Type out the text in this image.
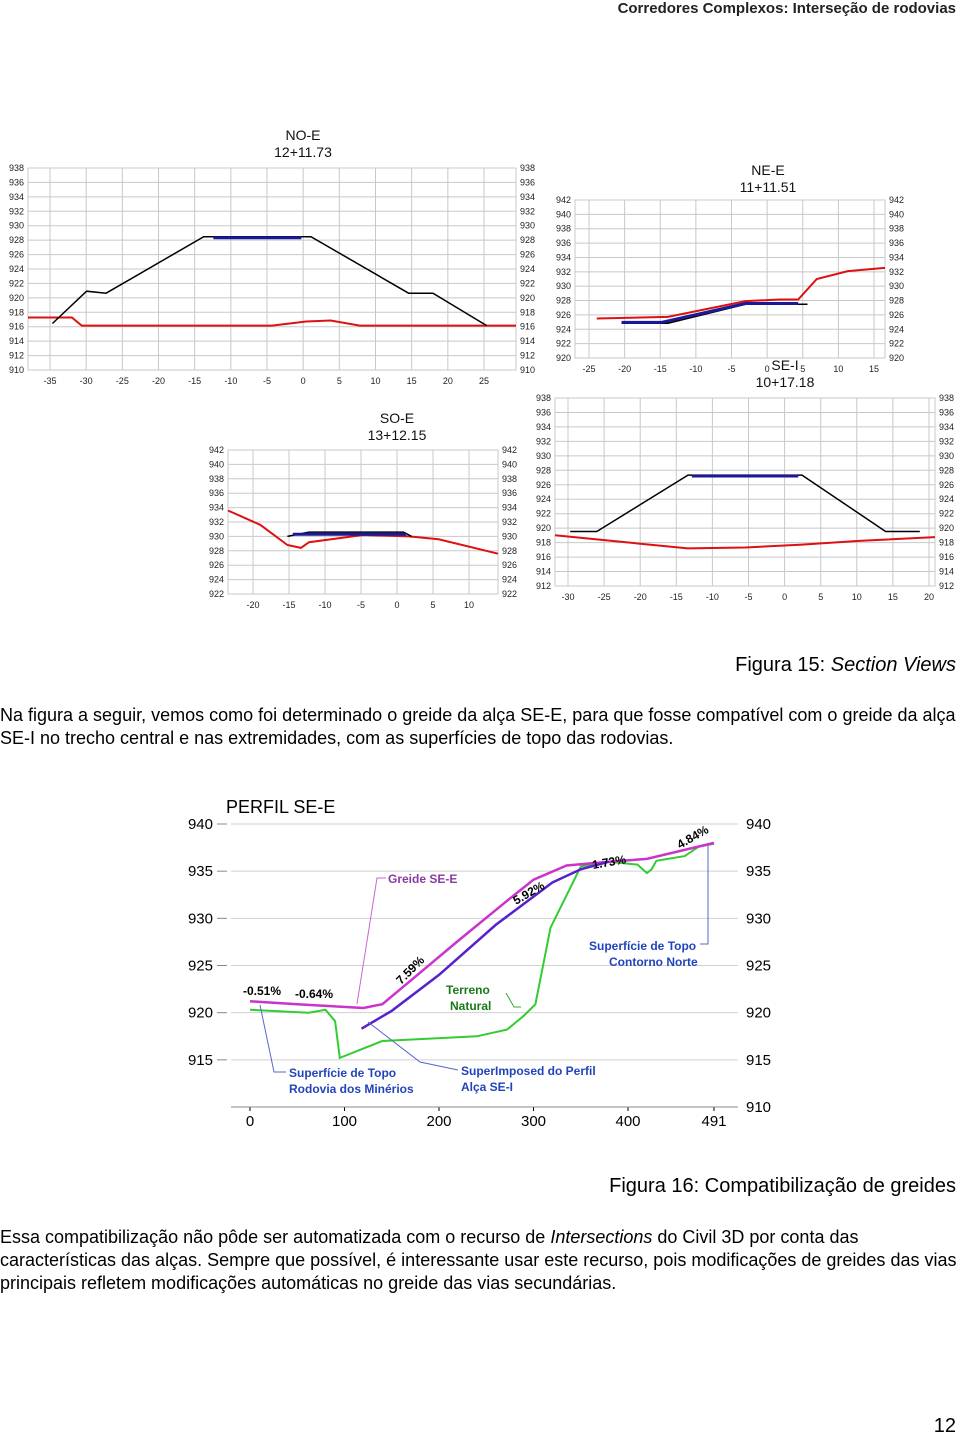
Corredores Complexos: Interseção de rodovias
938
936
934
932
930
928
926
924
922
920
918
916
914
912
910
938
936
934
932
930
928
926
924
922
920
918
916
914
912
910
-35	-30	-25	-20	-15	-10	-5	0	5	10	15	20	25
NO-E
12+11.73
942
940
938
936
934
932
930
928
926
924
922
920
942
940
938
936
934
932
930
928
926
924
922
920
-25	-20	-15	-10	-5	0	5	10	15
NE-E
11+11.51
942
940
938
936
934
932
930
928
926
924
922
942
940
938
936
934
932
930
928
926
924
922
-20	-15	-10	-5	0	5	10
SO-E
13+12.15
938
936
934
932
930
928
926
924
922
920
918
916
914
912
938
936
934
932
930
928
926
924
922
920
918
916
914
912
-30	-25	-20	-15	-10	-5	0	5	10	15	20
SE-I
10+17.18
Figura 15: Section Views

Na figura a seguir, vemos como foi determinado o greide da alça SE-E, para que fosse compatível com o greide da alça SE-I no trecho central e nas extremidades, com as superfícies de topo das rodovias.

PERFIL SE-E
940
935
930
925
920
915
940
935
930
925
920
915
910
0	100	200	300	400	491
-0.51% -0.64%
7.59%
5.92%
1.73%
4.84%
Greide SE-E
Terreno
Natural
Superfície de Topo
Contorno Norte
Superfície de Topo
Rodovia dos Minérios
SuperImposed do Perfil
Alça SE-I
Figura 16: Compatibilização de greides

Essa compatibilização não pôde ser automatizada com o recurso de Intersections do Civil 3D por conta das características das alças. Sempre que possível, é interessante usar este recurso, pois modificações de greides das vias principais refletem modificações automáticas no greide das vias secundárias.

12
